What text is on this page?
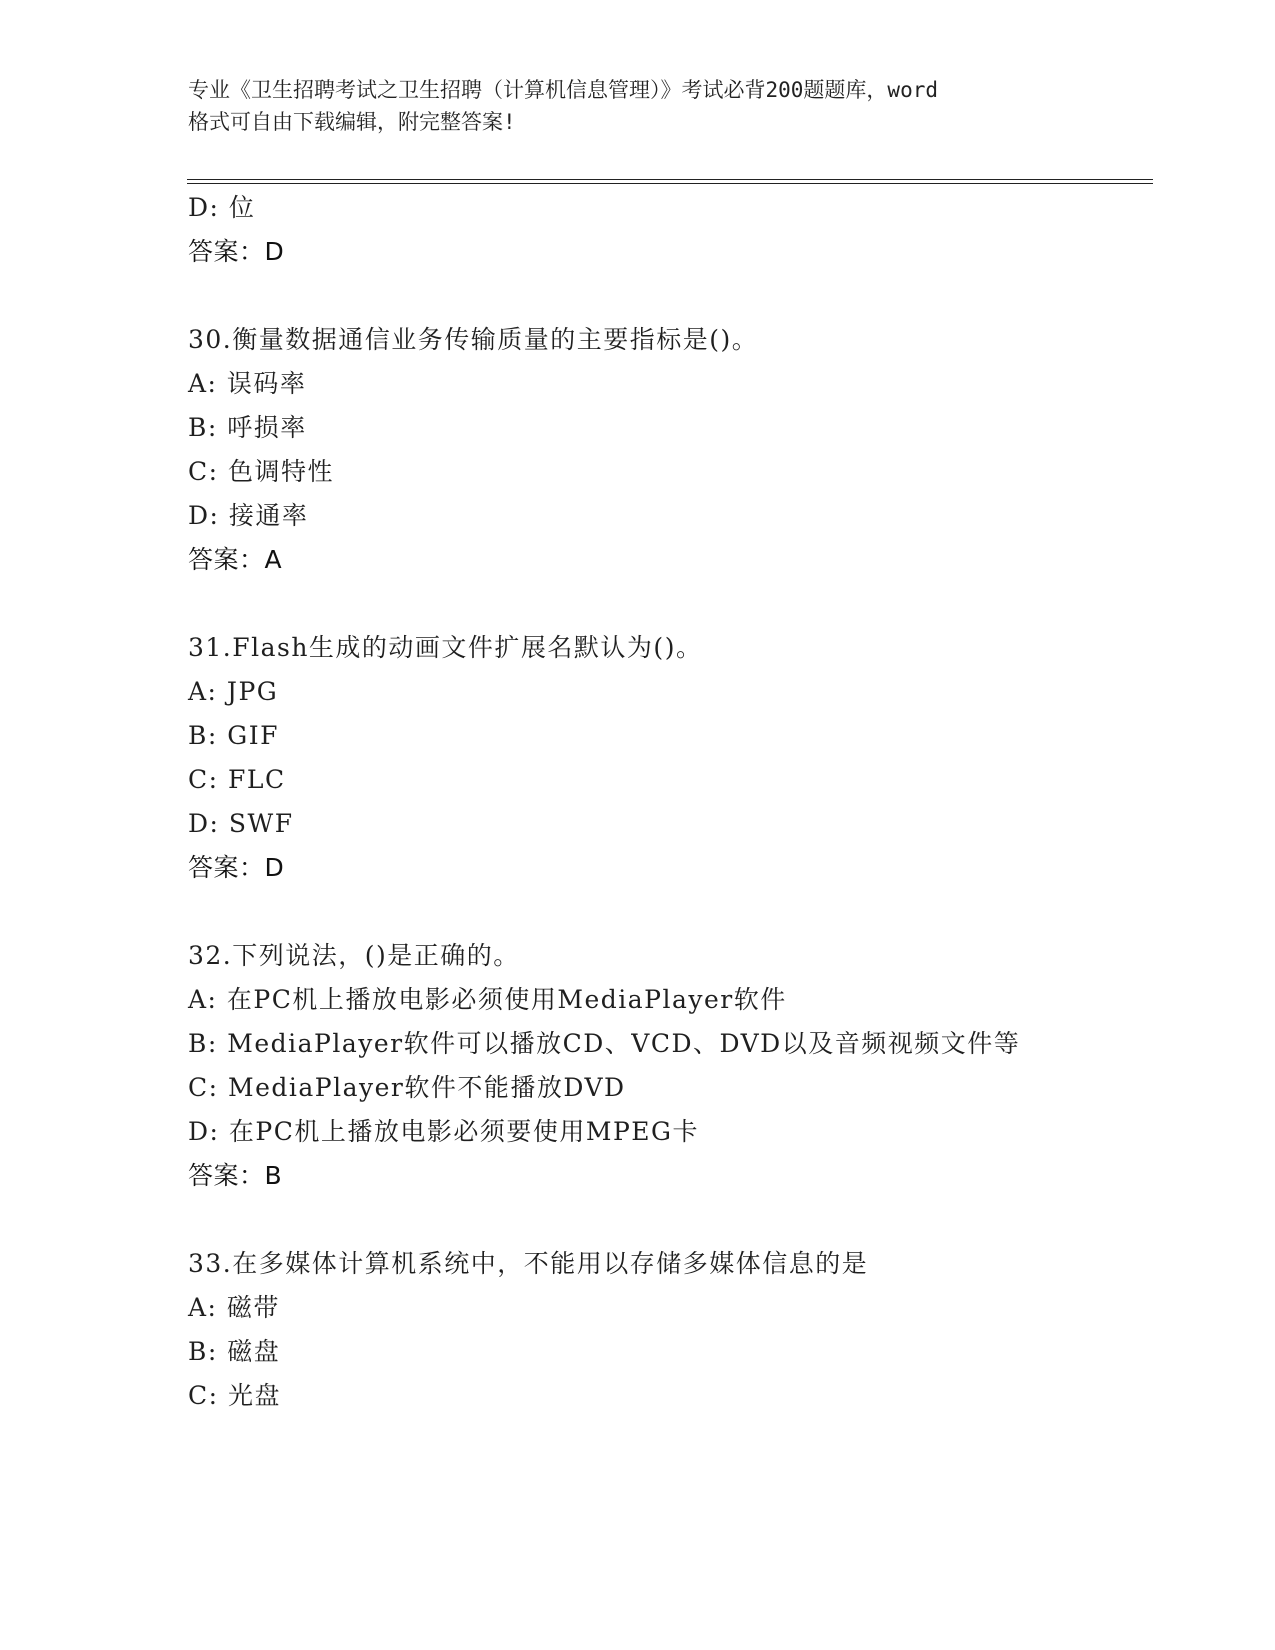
专业《卫生招聘考试之卫生招聘（计算机信息管理）》考试必背200题题库，word
格式可自由下载编辑，附完整答案!
D: 位
答案：D
30.衡量数据通信业务传输质量的主要指标是()。
A: 误码率
B: 呼损率
C: 色调特性
D: 接通率
答案：A
31.Flash生成的动画文件扩展名默认为()。
A: JPG
B: GIF
C: FLC
D: SWF
答案：D
32.下列说法，()是正确的。
A: 在PC机上播放电影必须使用MediaPlayer软件
B: MediaPlayer软件可以播放CD、VCD、DVD以及音频视频文件等
C: MediaPlayer软件不能播放DVD
D: 在PC机上播放电影必须要使用MPEG卡
答案：B
33.在多媒体计算机系统中，不能用以存储多媒体信息的是
A: 磁带
B: 磁盘
C: 光盘
